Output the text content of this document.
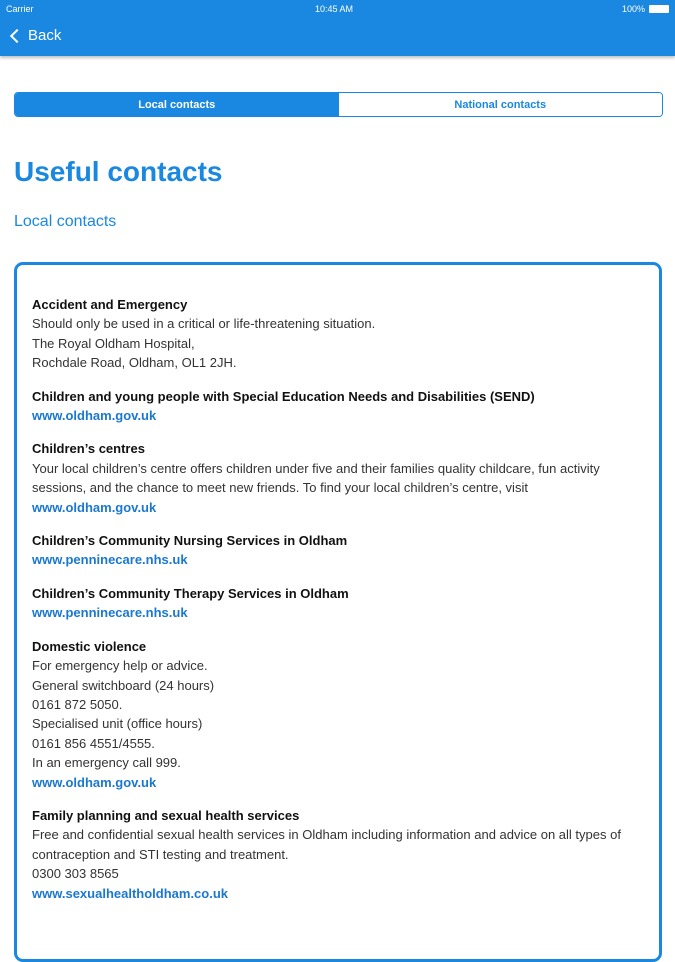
Carrier	10:45 AM	100%
Back
Local contacts	National contacts
Useful contacts
Local contacts
Accident and Emergency
Should only be used in a critical or life-threatening situation.
The Royal Oldham Hospital,
Rochdale Road, Oldham, OL1 2JH.
Children and young people with Special Education Needs and Disabilities (SEND)
www.oldham.gov.uk
Children’s centres
Your local children’s centre offers children under five and their families quality childcare, fun activity sessions, and the chance to meet new friends. To find your local children’s centre, visit
www.oldham.gov.uk
Children’s Community Nursing Services in Oldham
www.penninecare.nhs.uk
Children’s Community Therapy Services in Oldham
www.penninecare.nhs.uk
Domestic violence
For emergency help or advice.
General switchboard (24 hours)
0161 872 5050.
Specialised unit (office hours)
0161 856 4551/4555.
In an emergency call 999.
www.oldham.gov.uk
Family planning and sexual health services
Free and confidential sexual health services in Oldham including information and advice on all types of contraception and STI testing and treatment.
0300 303 8565
www.sexualhealtholdham.co.uk
